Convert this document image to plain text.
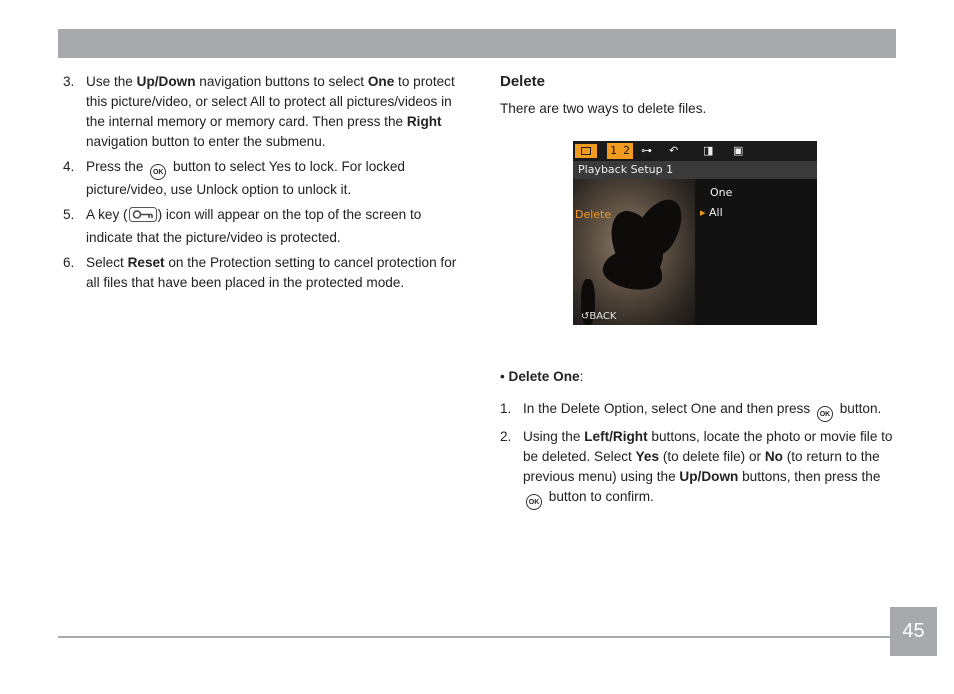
3. Use the Up/Down navigation buttons to select One to protect this picture/video, or select All to protect all pictures/videos in the internal memory or memory card. Then press the Right navigation button to enter the submenu.
4. Press the OK button to select Yes to lock. For locked picture/video, use Unlock option to unlock it.
5. A key ( ) icon will appear on the top of the screen to indicate that the picture/video is protected.
6. Select Reset on the Protection setting to cancel protection for all files that have been placed in the protected mode.
Delete
There are two ways to delete files.
1 2 ⊶ ↶ ◨ ▣
Playback Setup 1
Delete
One
▸ All
↺BACK
• Delete One:
1. In the Delete Option, select One and then press OK button.
2. Using the Left/Right buttons, locate the photo or movie file to be deleted. Select Yes (to delete file) or No (to return to the previous menu) using the Up/Down buttons, then press the OK button to confirm.
45
